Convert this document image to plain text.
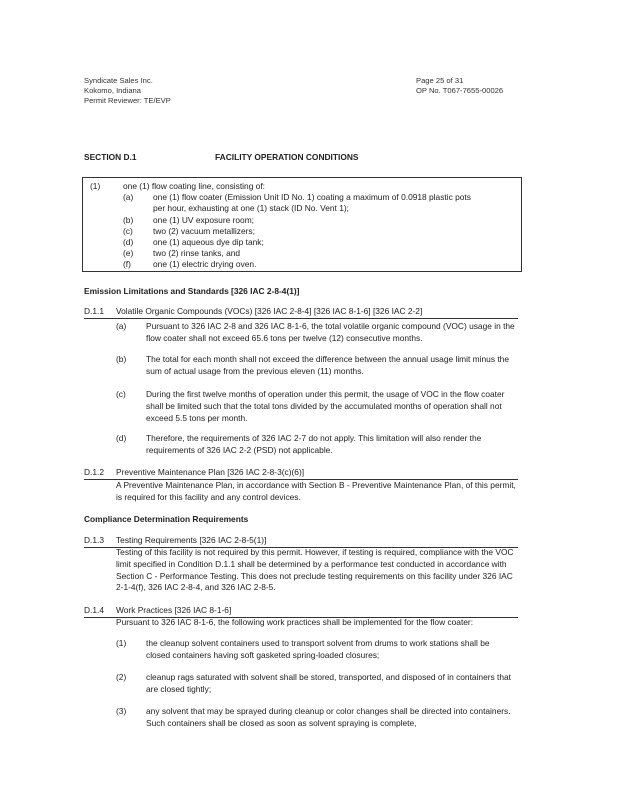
Syndicate Sales Inc.
Kokomo, Indiana
Permit Reviewer: TE/EVP
Page 25 of 31
OP No. T067-7655-00026
SECTION D.1	FACILITY OPERATION CONDITIONS
(1)	one (1) flow coating line, consisting of:
(a) one (1) flow coater (Emission Unit ID No. 1) coating a maximum of 0.0918 plastic pots
per hour, exhausting at one (1) stack (ID No. Vent 1);
(b) one (1) UV exposure room;
(c) two (2) vacuum metallizers;
(d) one (1) aqueous dye dip tank;
(e) two (2) rinse tanks, and
(f)	one (1) electric drying oven.
Emission Limitations and Standards [326 IAC 2-8-4(1)]
D.1.1 Volatile Organic Compounds (VOCs) [326 IAC 2-8-4] [326 IAC 8-1-6] [326 IAC 2-2]
(a) Pursuant to 326 IAC 2-8 and 326 IAC 8-1-6, the total volatile organic compound (VOC) usage in the flow coater shall not exceed 65.6 tons per twelve (12) consecutive months.
(b) The total for each month shall not exceed the difference between the annual usage limit minus the sum of actual usage from the previous eleven (11) months.
(c) During the first twelve months of operation under this permit, the usage of VOC in the flow coater shall be limited such that the total tons divided by the accumulated months of operation shall not exceed 5.5 tons per month.
(d) Therefore, the requirements of 326 IAC 2-7 do not apply. This limitation will also render the requirements of 326 IAC 2-2 (PSD) not applicable.
D.1.2 Preventive Maintenance Plan [326 IAC 2-8-3(c)(6)]
A Preventive Maintenance Plan, in accordance with Section B - Preventive Maintenance Plan, of this permit, is required for this facility and any control devices.
Compliance Determination Requirements
D.1.3 Testing Requirements [326 IAC 2-8-5(1)]
Testing of this facility is not required by this permit. However, if testing is required, compliance with the VOC limit specified in Condition D.1.1 shall be determined by a performance test conducted in accordance with Section C - Performance Testing. This does not preclude testing requirements on this facility under 326 IAC 2-1-4(f), 326 IAC 2-8-4, and 326 IAC 2-8-5.
D.1.4 Work Practices [326 IAC 8-1-6]
Pursuant to 326 IAC 8-1-6, the following work practices shall be implemented for the flow coater:
(1) the cleanup solvent containers used to transport solvent from drums to work stations shall be closed containers having soft gasketed spring-loaded closures;
(2) cleanup rags saturated with solvent shall be stored, transported, and disposed of in containers that are closed tightly;
(3) any solvent that may be sprayed during cleanup or color changes shall be directed into containers. Such containers shall be closed as soon as solvent spraying is complete,
